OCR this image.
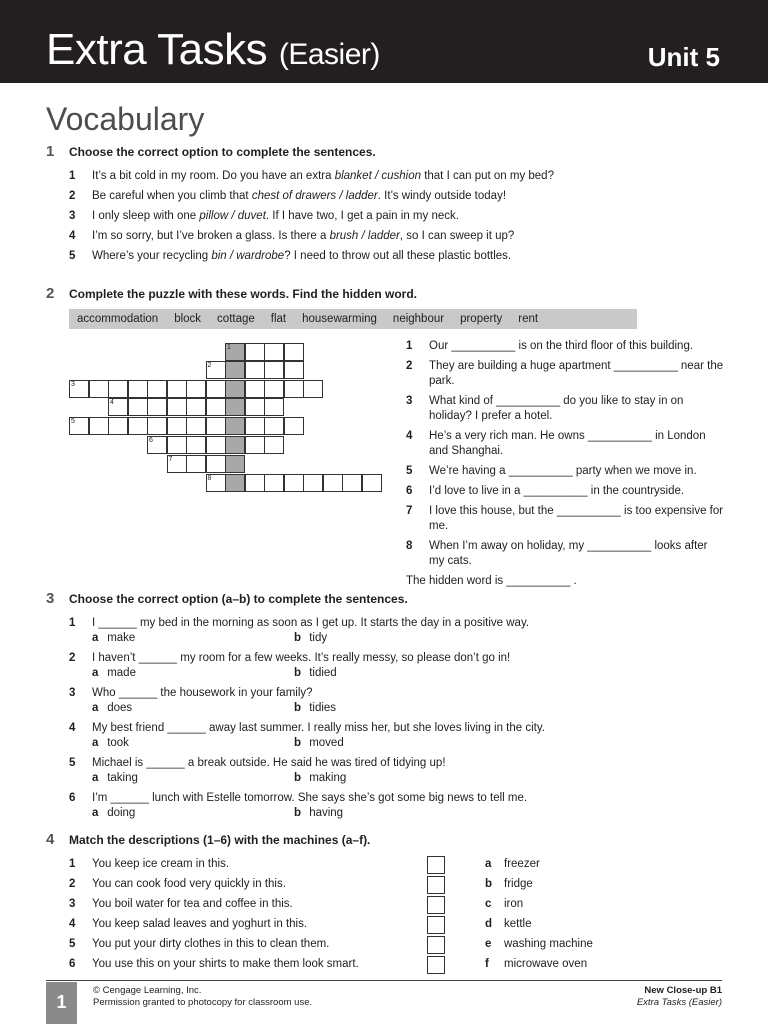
Extra Tasks (Easier)	Unit 5
Vocabulary
1 Choose the correct option to complete the sentences.
1 It’s a bit cold in my room. Do you have an extra blanket / cushion that I can put on my bed?
2 Be careful when you climb that chest of drawers / ladder. It’s windy outside today!
3 I only sleep with one pillow / duvet. If I have two, I get a pain in my neck.
4 I’m so sorry, but I’ve broken a glass. Is there a brush / ladder, so I can sweep it up?
5 Where’s your recycling bin / wardrobe? I need to throw out all these plastic bottles.
2 Complete the puzzle with these words. Find the hidden word.
accommodation	block	cottage	flat	housewarming	neighbour	property	rent
1
2
3
4
5
6
7
8
1	Our __________ is on the third floor of this building.
2	They are building a huge apartment __________ near the park.
3	What kind of __________ do you like to stay in on holiday? I prefer a hotel.
4	He’s a very rich man. He owns __________ in London and Shanghai.
5	We’re having a __________ party when we move in.
6	I’d love to live in a __________ in the countryside.
7	I love this house, but the __________ is too expensive for me.
8	When I’m away on holiday, my __________ looks after my cats.
The hidden word is __________ .
3 Choose the correct option (a–b) to complete the sentences.
1 I ______ my bed in the morning as soon as I get up. It starts the day in a positive way.
a make	b tidy
2 I haven’t ______ my room for a few weeks. It’s really messy, so please don’t go in!
a made	b tidied
3 Who ______ the housework in your family?
a does	b tidies
4 My best friend ______ away last summer. I really miss her, but she loves living in the city.
a took	b moved
5 Michael is ______ a break outside. He said he was tired of tidying up!
a taking	b making
6 I’m ______ lunch with Estelle tomorrow. She says she’s got some big news to tell me.
a doing	b having
4 Match the descriptions (1–6) with the machines (a–f).
1 You keep ice cream in this.	a freezer
2 You can cook food very quickly in this.	b fridge
3 You boil water for tea and coffee in this.	c iron
4 You keep salad leaves and yoghurt in this.	d kettle
5 You put your dirty clothes in this to clean them.	e washing machine
6 You use this on your shirts to make them look smart.	f microwave oven
1
© Cengage Learning, Inc.
Permission granted to photocopy for classroom use.
New Close-up B1
Extra Tasks (Easier)
